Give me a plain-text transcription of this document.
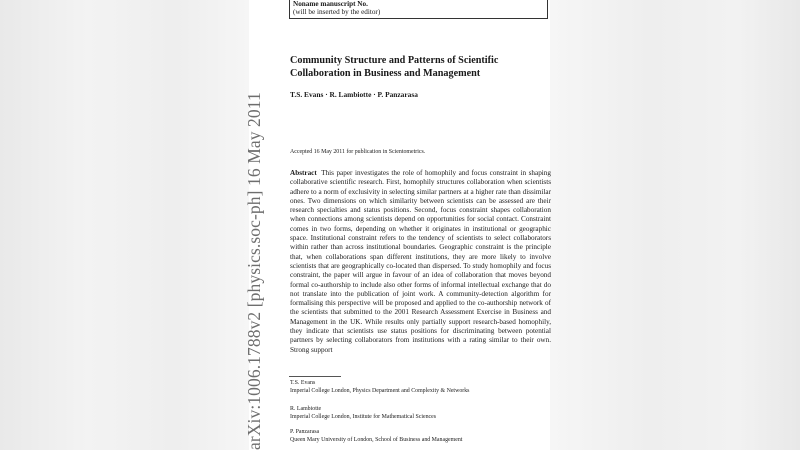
arXiv:1006.1788v2 [physics.soc-ph] 16 May 2011
Noname manuscript No.
(will be inserted by the editor)
Community Structure and Patterns of Scientific
Collaboration in Business and Management
T.S. Evans · R. Lambiotte · P. Panzarasa
Accepted 16 May 2011 for publication in Scientometrics.

Abstract This paper investigates the role of homophily and focus constraint in shaping collaborative scientific research. First, homophily structures collaboration when scientists adhere to a norm of exclusivity in selecting similar partners at a higher rate than dissimilar ones. Two dimensions on which similarity between scientists can be assessed are their research specialties and status positions. Second, focus constraint shapes collaboration when connections among scientists depend on opportunities for social contact. Constraint comes in two forms, depending on whether it originates in institutional or geographic space. Institutional constraint refers to the tendency of scientists to select collaborators within rather than across institutional boundaries. Geographic constraint is the principle that, when collaborations span different institutions, they are more likely to involve scientists that are geographically co-located than dispersed. To study homophily and focus constraint, the paper will argue in favour of an idea of collaboration that moves beyond formal co-authorship to include also other forms of informal intellectual exchange that do not translate into the publication of joint work. A community-detection algorithm for formalising this perspective will be proposed and applied to the co-authorship network of the scientists that submitted to the 2001 Research Assessment Exercise in Business and Management in the UK. While results only partially support research-based homophily, they indicate that scientists use status positions for discriminating between potential partners by selecting collaborators from institutions with a rating similar to their own. Strong support

T.S. Evans
Imperial College London, Physics Department and Complexity & Networks
R. Lambiotte
Imperial College London, Institute for Mathematical Sciences
P. Panzarasa
Queen Mary University of London, School of Business and Management
